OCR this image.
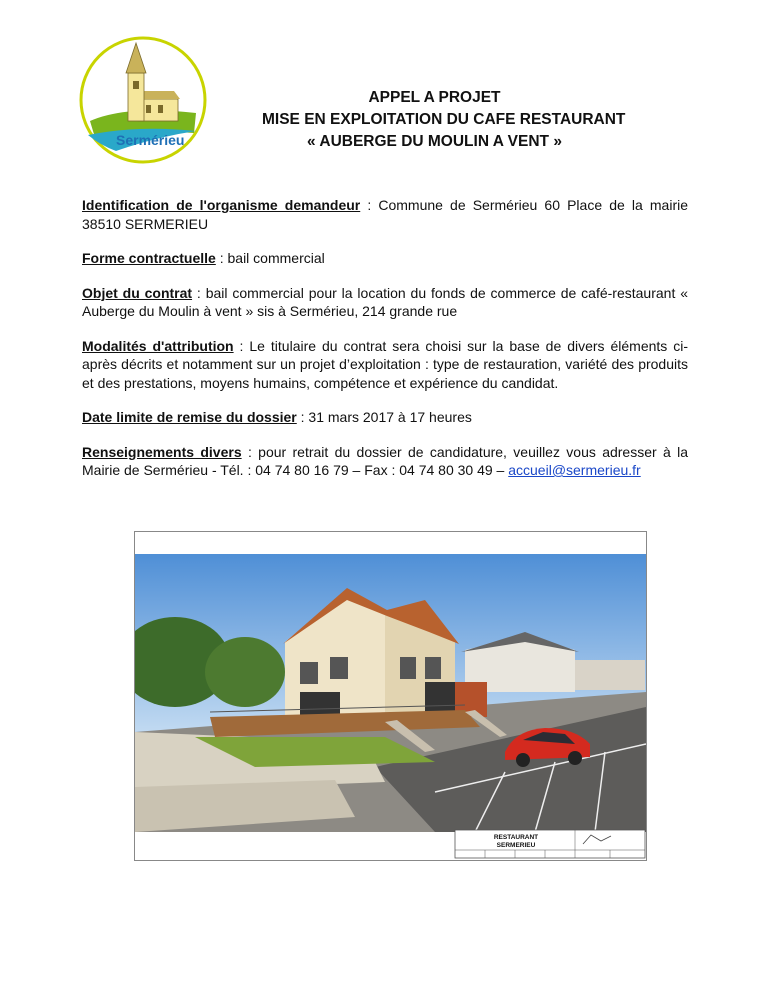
Sermérieu
APPEL A PROJET
MISE EN EXPLOITATION DU CAFE RESTAURANT
« AUBERGE DU MOULIN A VENT »

Identification de l'organisme demandeur : Commune de Sermérieu 60 Place de la mairie 38510 SERMERIEU

Forme contractuelle : bail commercial

Objet du contrat : bail commercial pour la location du fonds de commerce de café-restaurant « Auberge du Moulin à vent » sis à Sermérieu, 214 grande rue

Modalités d'attribution : Le titulaire du contrat sera choisi sur la base de divers éléments ci-après décrits et notamment sur un projet d’exploitation : type de restauration, variété des produits et des prestations, moyens humains, compétence et expérience du candidat.

Date limite de remise du dossier : 31 mars 2017 à 17 heures

Renseignements divers : pour retrait du dossier de candidature, veuillez vous adresser à la Mairie de Sermérieu - Tél. : 04 74 80 16 79 – Fax : 04 74 80 30 49 – accueil@sermerieu.fr

RESTAURANT
SERMERIEU
